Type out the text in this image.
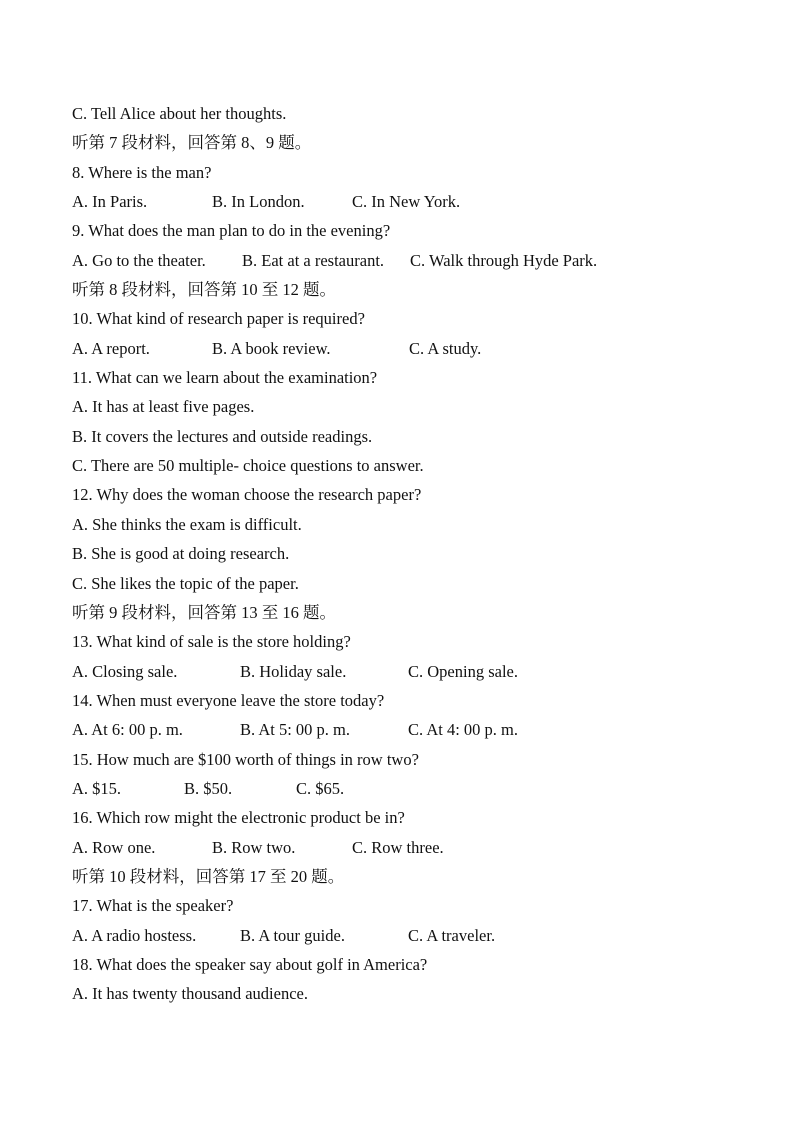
C. Tell Alice about her thoughts.
听第 7 段材料，回答第 8、9 题。
8. Where is the man?
A. In Paris.	B. In London.	C. In New York.
9. What does the man plan to do in the evening?
A. Go to the theater. B. Eat at a restaurant. C. Walk through Hyde Park.
听第 8 段材料，回答第 10 至 12 题。
10. What kind of research paper is required?
A. A report.	B. A book review.	C. A study.
11. What can we learn about the examination?
A. It has at least five pages.
B. It covers the lectures and outside readings.
C. There are 50 multiple- choice questions to answer.
12. Why does the woman choose the research paper?
A. She thinks the exam is difficult.
B. She is good at doing research.
C. She likes the topic of the paper.
听第 9 段材料，回答第 13 至 16 题。
13. What kind of sale is the store holding?
A. Closing sale.	B. Holiday sale.	C. Opening sale.
14. When must everyone leave the store today?
A. At 6: 00 p. m.	B. At 5: 00 p. m.	C. At 4: 00 p. m.
15. How much are $100 worth of things in row two?
A. $15.	B. $50.	C. $65.
16. Which row might the electronic product be in?
A. Row one.	B. Row two.	C. Row three.
听第 10 段材料，回答第 17 至 20 题。
17. What is the speaker?
A. A radio hostess.	B. A tour guide.	C. A traveler.
18. What does the speaker say about golf in America?
A. It has twenty thousand audience.
